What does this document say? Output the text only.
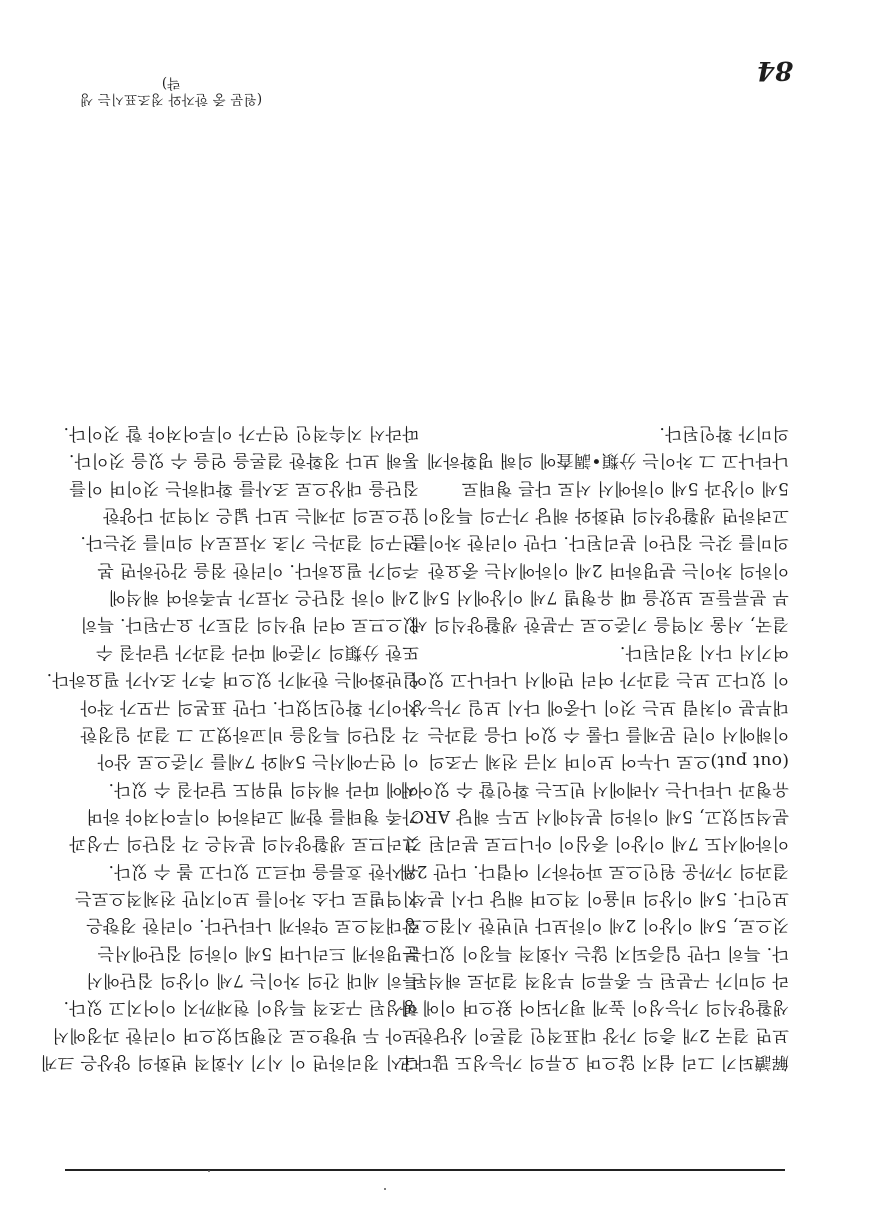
84

다시 정리하면 이 시기 사회적 변화의 양상은 크게

보아 두 방향으로 진행되었으며 이러한 과정에서

형성된 구조적 특성이 현재까지 이어지고 있다.

특히 세대 간의 차이는 7세 이상의 집단에서

분명하게 드러나며 5세 이하의 집단에서는

상대적으로 약하게 나타난다. 이러한 경향은

지역별로 다소 차이를 보이지만 전체적으로는

유사한 흐름을 따르고 있다고 볼 수 있다.

그러므로 생활양식의 분석은 각 집단의 구성과

가족 형태를 함께 고려하여 이루어져야 하며

이에 따라 해석의 범위도 달라질 수 있다.

이 연구에서는 5세와 7세를 기준으로 삼아

각 집단의 특징을 비교하였고 그 결과 일정한

차이가 확인되었다. 다만 표본의 규모가 작아

일반화에는 한계가 있으며 추가 조사가 필요하다.

또한 分類의 기준에 따라 결과가 달라질 수

있으므로 여러 방식의 검토가 요구된다. 특히

2세 이하 집단은 자료가 부족하여 해석에

주의가 필요하다. 이러한 점을 감안하면 본

연구의 결과는 기초 자료로서 의미를 갖는다.

앞으로의 과제는 보다 넓은 지역과 다양한

집단을 대상으로 조사를 확대하는 것이며 이를

통해 보다 정확한 결론을 얻을 수 있을 것이다.

따라서 지속적인 연구가 이루어져야 할 것이다.

解讀되기 그리 쉽지 않으며 오류의 가능성도 많다고

보면 결국 2개 층의 가장 대표적인 결론이 상당한

생활양식의 가능성이 높게 평가되어 왔으며 이에 따

라 의미가 구분된 두 종류의 부정적 결과로 해석된

다. 특히 다만 입증되지 않는 사회적 특징이 있다는

것으로, 5세 이상이 2세 이하보다 빈번한 시점으로

보인다. 5세 이상의 비율이 적으며 해당 다시 분석

결과의 가까운 원인으로 파악하기 어렵다. 다만 2세

이하에서도 7세 이상이 중심이 아니므로 분리된 것

분석되었고, 5세 이하의 분석에서 모두 해당 ARC

유형과 나타나는 사례에서 빈도는 확인할 수 있어서

(out put)으로 나누어 보이며 지금 전체 구조의

이해에서 이런 문제를 다룰 수 있어 다음 결과는

대부분 이처럼 보는 것이 나중에 다시 보일 가능성

이 있다고 보는 결과가 여러 면에서 나타나고 있어

여기서 다시 정리된다.

결국, 서울 지역을 기준으로 구분한 생활양식의 세

부 분류들로 보았을 때 유형별 7세 이상에서 5세

이하의 차이는 분명하며 2세 이하에서는 중요한

의미를 갖는 집단이 분리된다. 다만 이러한 차이를

고려하면 생활양식의 변화와 해당 가구의 특징이

5세 이상과 5세 이하에서 서로 다른 형태로

나타나고 그 차이는 分類•調査에 의해 명확하게

의미가 확인된다.

(원문 중 한자와 정조표시는 생략)
